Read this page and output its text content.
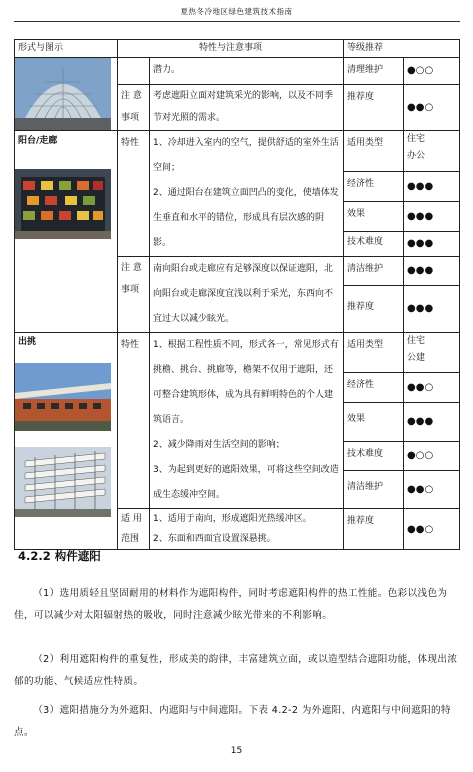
夏热冬冷地区绿色建筑技术指南
形式与图示	特性与注意事项		等级推荐	

		潜力。	清理维护	●○○
	注 意
事项	考虑遮阳立面对建筑采光的影响，以及不同季节对光照的需求。	推荐度	●●○

阳台/走廊	特性	1、冷却进入室内的空气，提供舒适的室外生活空间；
2、通过阳台在建筑立面凹凸的变化，使墙体发生垂直和水平的错位，形成具有层次感的阴影。	适用类型	住宅
办公
			经济性	●●●
			效果	●●●
			技术难度	●●●
	注 意
事项	南向阳台或走廊应有足够深度以保证遮阳，北向阳台或走廊深度宜浅以利于采光，东西向不宜过大以减少眩光。	清洁维护	●●●
			推荐度	●●●

出挑	特性	1、根据工程性质不同，形式各一，常见形式有挑檐、挑台、挑廊等，檐架不仅用于遮阳，还可整合建筑形体，成为具有鲜明特色的个人建筑语言。
2、减少降雨对生活空间的影响；
3、为起到更好的遮阳效果，可将这些空间改造成生态缓冲空间。	适用类型	住宅
公建
			经济性	●●○
			效果	●●●
			技术难度	●○○
			清洁维护	●●○
	适 用
范围	1、适用于南向，形成遮阳光热缓冲区。
2、东面和西面宜设置深悬挑。	推荐度	●●○
4.2.2 构件遮阳

（1）选用质轻且坚固耐用的材料作为遮阳构件，同时考虑遮阳构件的热工性能。色彩以浅色为佳，可以减少对太阳辐射热的吸收，同时注意减少眩光带来的不利影响。

（2）利用遮阳构件的重复性，形成美的韵律，丰富建筑立面，或以造型结合遮阳功能，体现出浓郁的功能、气候适应性特质。

（3）遮阳措施分为外遮阳、内遮阳与中间遮阳。下表 4.2-2 为外遮阳、内遮阳与中间遮阳的特点。

15
